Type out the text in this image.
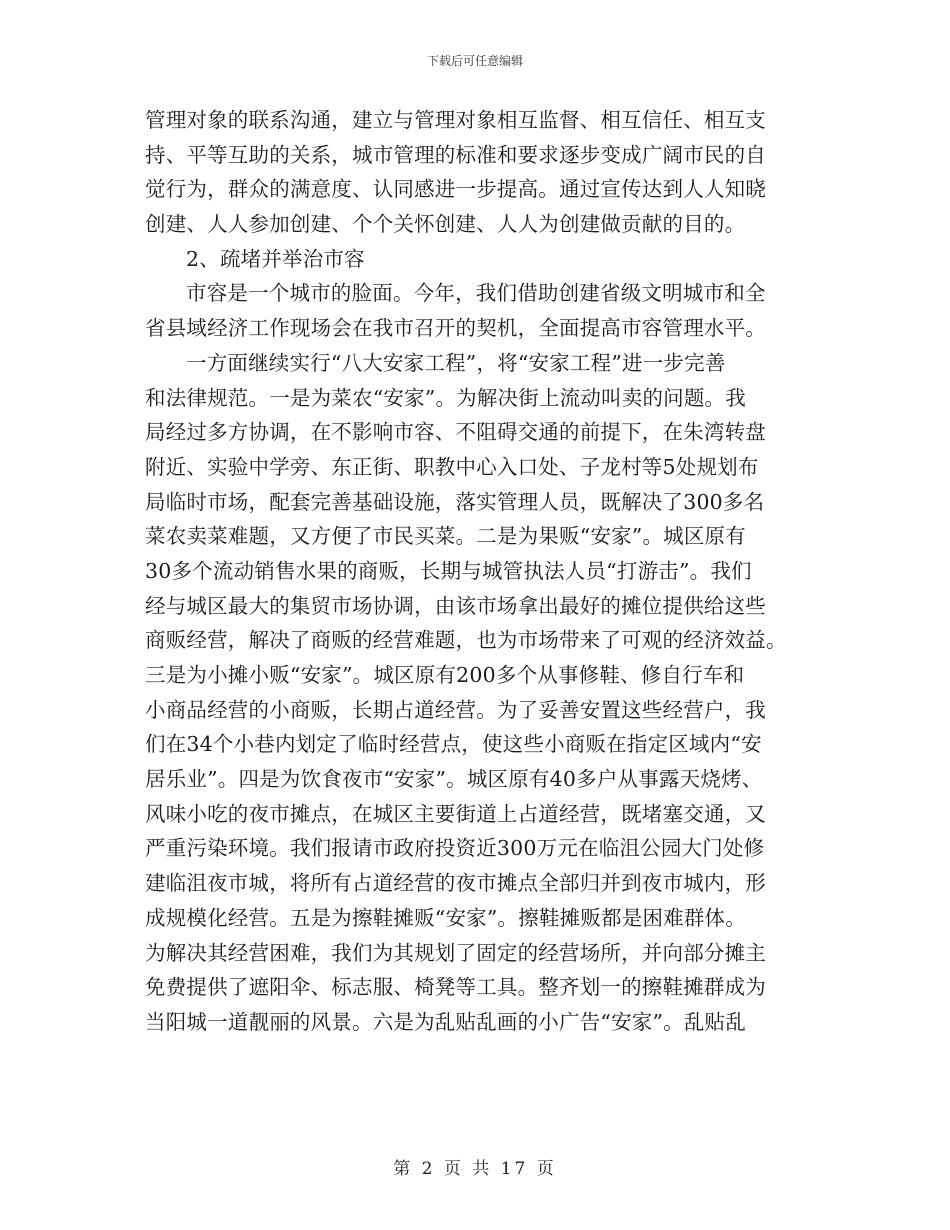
下载后可任意编辑
管理对象的联系沟通，建立与管理对象相互监督、相互信任、相互支
持、平等互助的关系，城市管理的标准和要求逐步变成广阔市民的自
觉行为，群众的满意度、认同感进一步提高。通过宣传达到人人知晓
创建、人人参加创建、个个关怀创建、人人为创建做贡献的目的。
2、疏堵并举治市容
市容是一个城市的脸面。今年，我们借助创建省级文明城市和全
省县域经济工作现场会在我市召开的契机，全面提高市容管理水平。
一方面继续实行“八大安家工程”，将“安家工程”进一步完善
和法律规范。一是为菜农“安家”。为解决街上流动叫卖的问题。我
局经过多方协调，在不影响市容、不阻碍交通的前提下，在朱湾转盘
附近、实验中学旁、东正街、职教中心入口处、子龙村等5处规划布
局临时市场，配套完善基础设施，落实管理人员，既解决了300多名
菜农卖菜难题，又方便了市民买菜。二是为果贩“安家”。城区原有
30多个流动销售水果的商贩，长期与城管执法人员“打游击”。我们
经与城区最大的集贸市场协调，由该市场拿出最好的摊位提供给这些
商贩经营，解决了商贩的经营难题，也为市场带来了可观的经济效益。
三是为小摊小贩“安家”。城区原有200多个从事修鞋、修自行车和
小商品经营的小商贩，长期占道经营。为了妥善安置这些经营户，我
们在34个小巷内划定了临时经营点，使这些小商贩在指定区域内“安
居乐业”。四是为饮食夜市“安家”。城区原有40多户从事露天烧烤、
风味小吃的夜市摊点，在城区主要街道上占道经营，既堵塞交通，又
严重污染环境。我们报请市政府投资近300万元在临沮公园大门处修
建临沮夜市城，将所有占道经营的夜市摊点全部归并到夜市城内，形
成规模化经营。五是为擦鞋摊贩“安家”。擦鞋摊贩都是困难群体。
为解决其经营困难，我们为其规划了固定的经营场所，并向部分摊主
免费提供了遮阳伞、标志服、椅凳等工具。整齐划一的擦鞋摊群成为
当阳城一道靓丽的风景。六是为乱贴乱画的小广告“安家”。乱贴乱
第 2 页 共 17 页
